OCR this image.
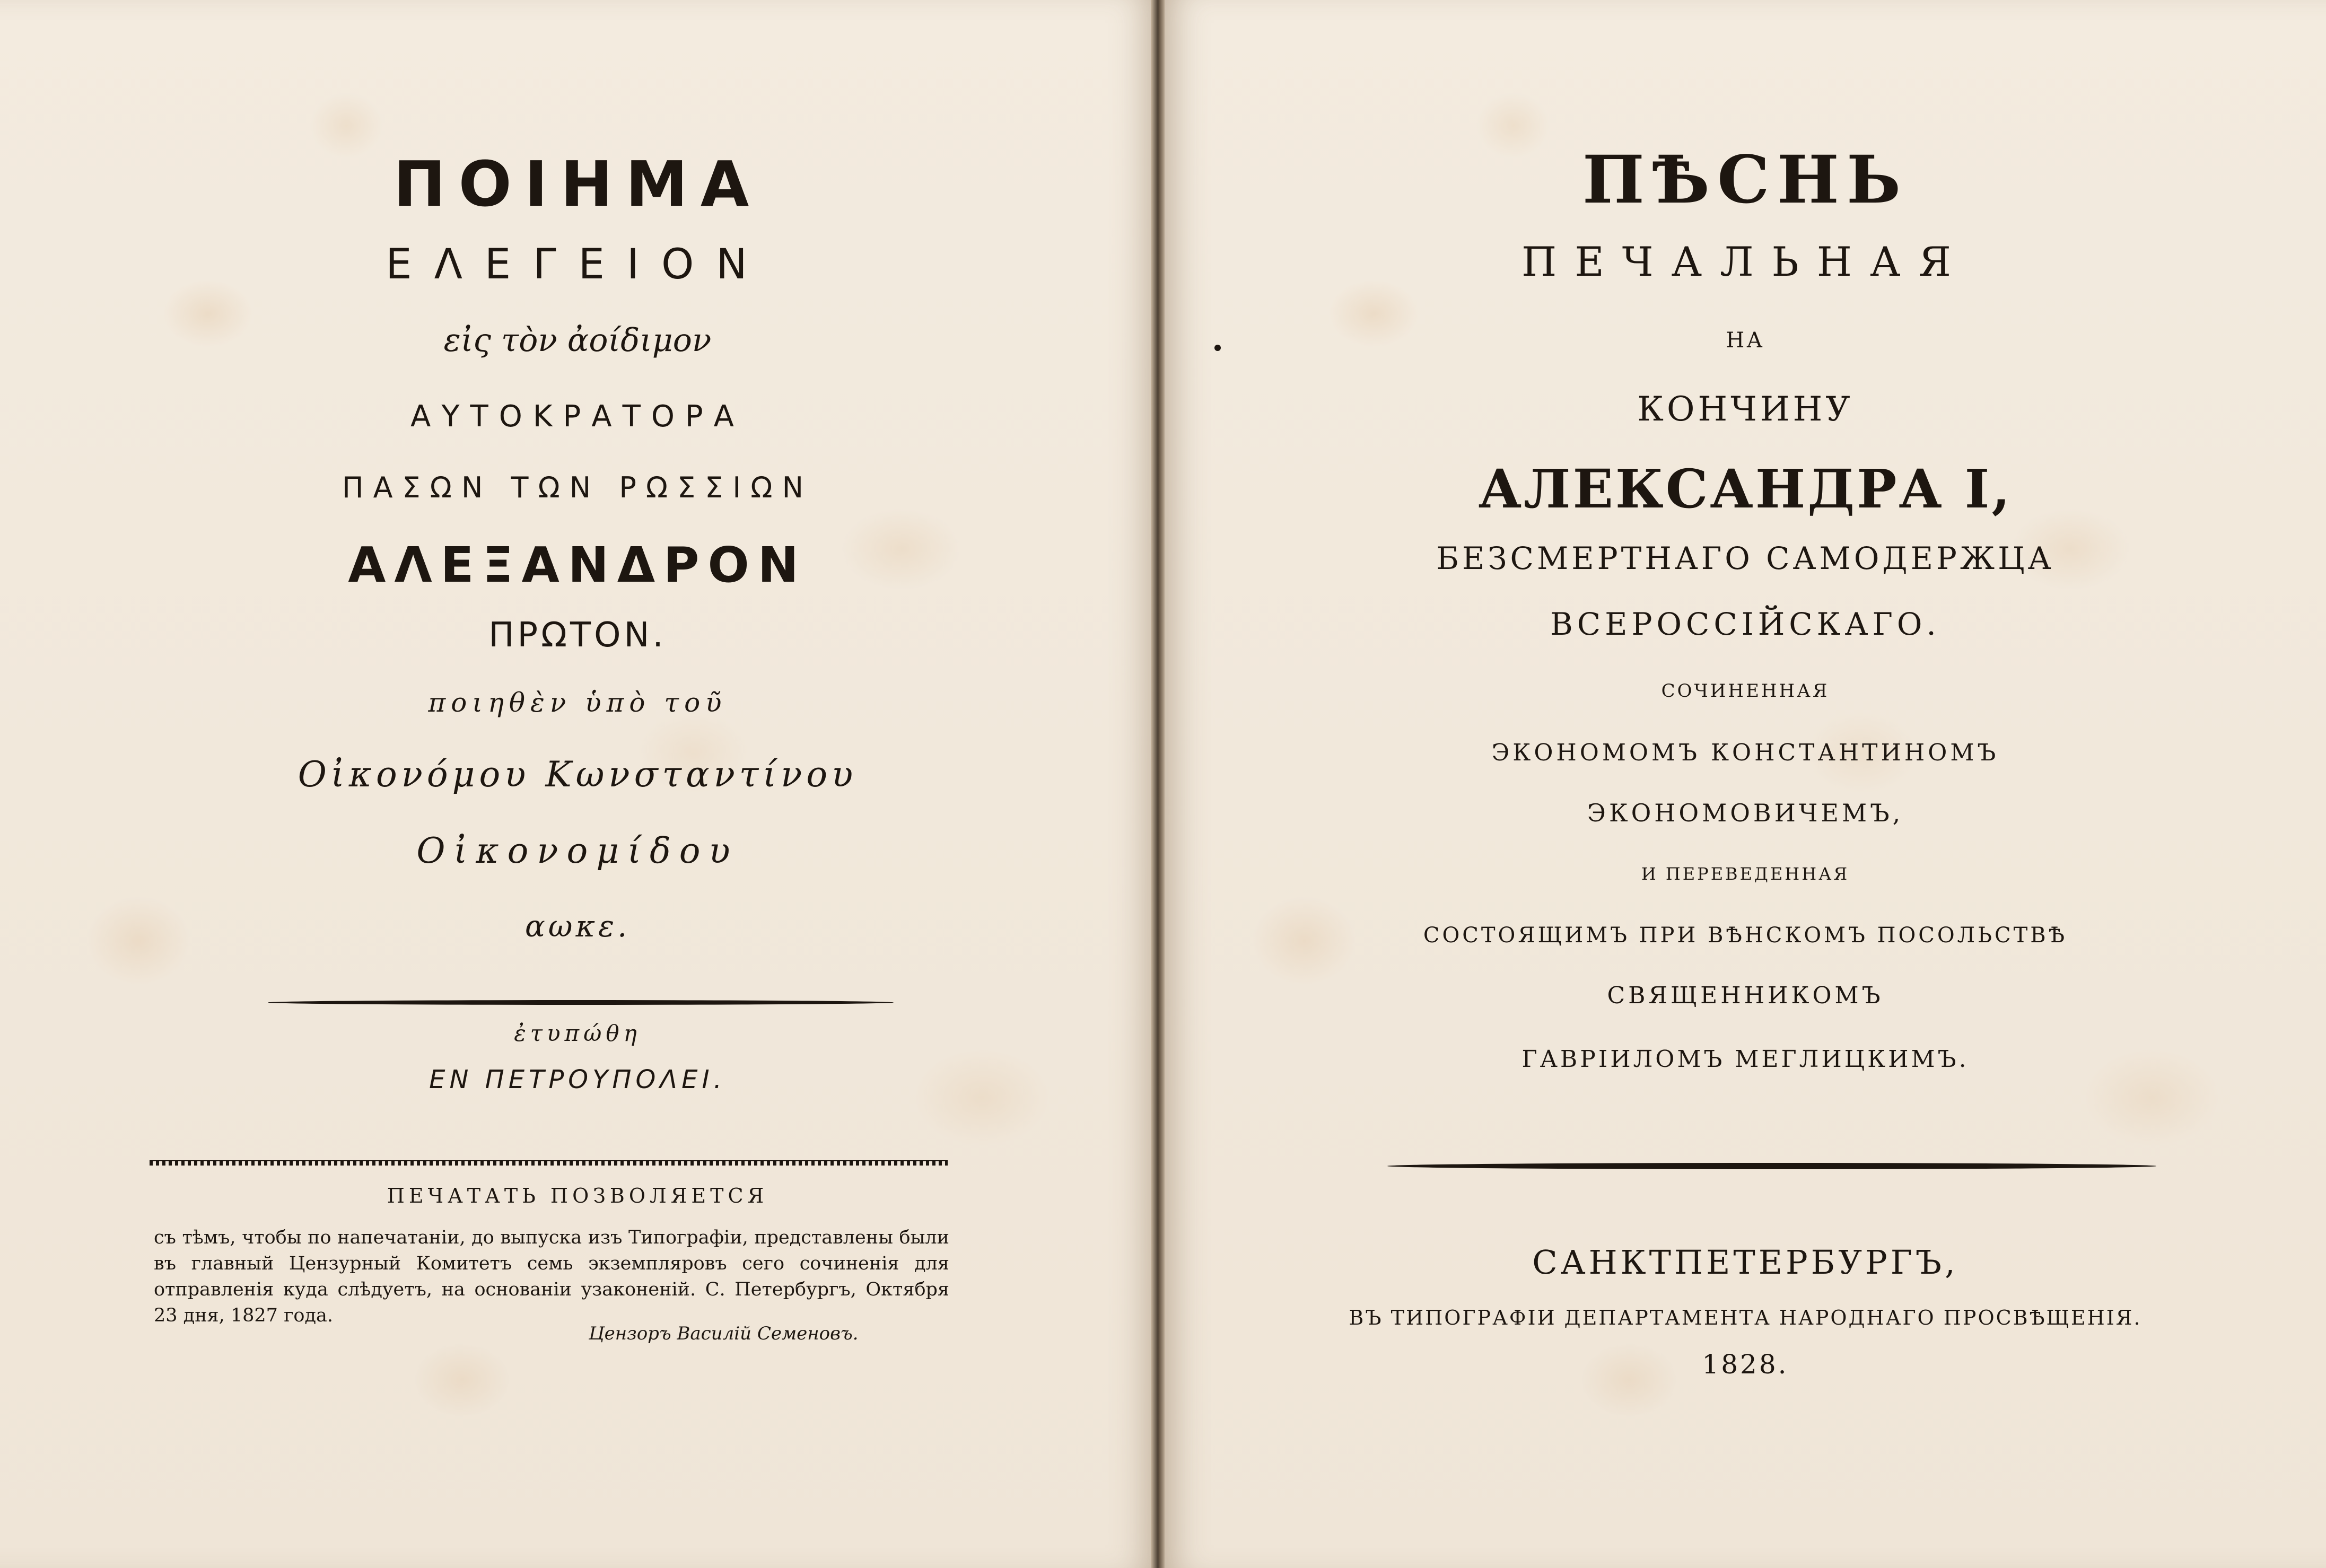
ΠΟΙΗΜΑ
ΕΛΕΓΕΙΟΝ
εἰς τὸν ἀοίδιμον
ΑΥΤΟΚΡΑΤΟΡΑ
ΠΑΣΩΝ ΤΩΝ ΡΩΣΣΙΩΝ
ΑΛΕΞΑΝΔΡΟΝ
ΠΡΩΤΟΝ.
ποιηθὲν ὑπὸ τοῦ
Οἰκονόμου Κωνσταντίνου
Οἰκονομίδου
αωκε.
ἐτυπώθη
ΕΝ ΠΕΤΡΟΥΠΟΛΕΙ.
ПЕЧАТАТЬ ПОЗВОЛЯЕТСЯ
съ тѣмъ, чтобы по напечатаніи, до выпуска изъ Типографіи, представлены были въ главный Цензурный Комитетъ семь экземпляровъ сего сочиненія для отправленія куда слѣдуетъ, на основаніи узаконеній. С. Петербургъ, Октября 23 дня, 1827 года.
Цензоръ Василій Семеновъ.
ПѢСНЬ
ПЕЧАЛЬНАЯ
НА
КОНЧИНУ
АЛЕКСАНДРА I,
БЕЗСМЕРТНАГО САМОДЕРЖЦА
ВСЕРОССІЙСКАГО.
СОЧИНЕННАЯ
ЭКОНОМОМЪ КОНСТАНТИНОМЪ
ЭКОНОМОВИЧЕМЪ,
И ПЕРЕВЕДЕННАЯ
СОСТОЯЩИМЪ ПРИ ВѢНСКОМЪ ПОСОЛЬСТВѢ
СВЯЩЕННИКОМЪ
ГАВРІИЛОМЪ МЕГЛИЦКИМЪ.
САНКТПЕТЕРБУРГЪ,
ВЪ ТИПОГРАФІИ ДЕПАРТАМЕНТА НАРОДНАГО ПРОСВѢЩЕНІЯ.
1828.
